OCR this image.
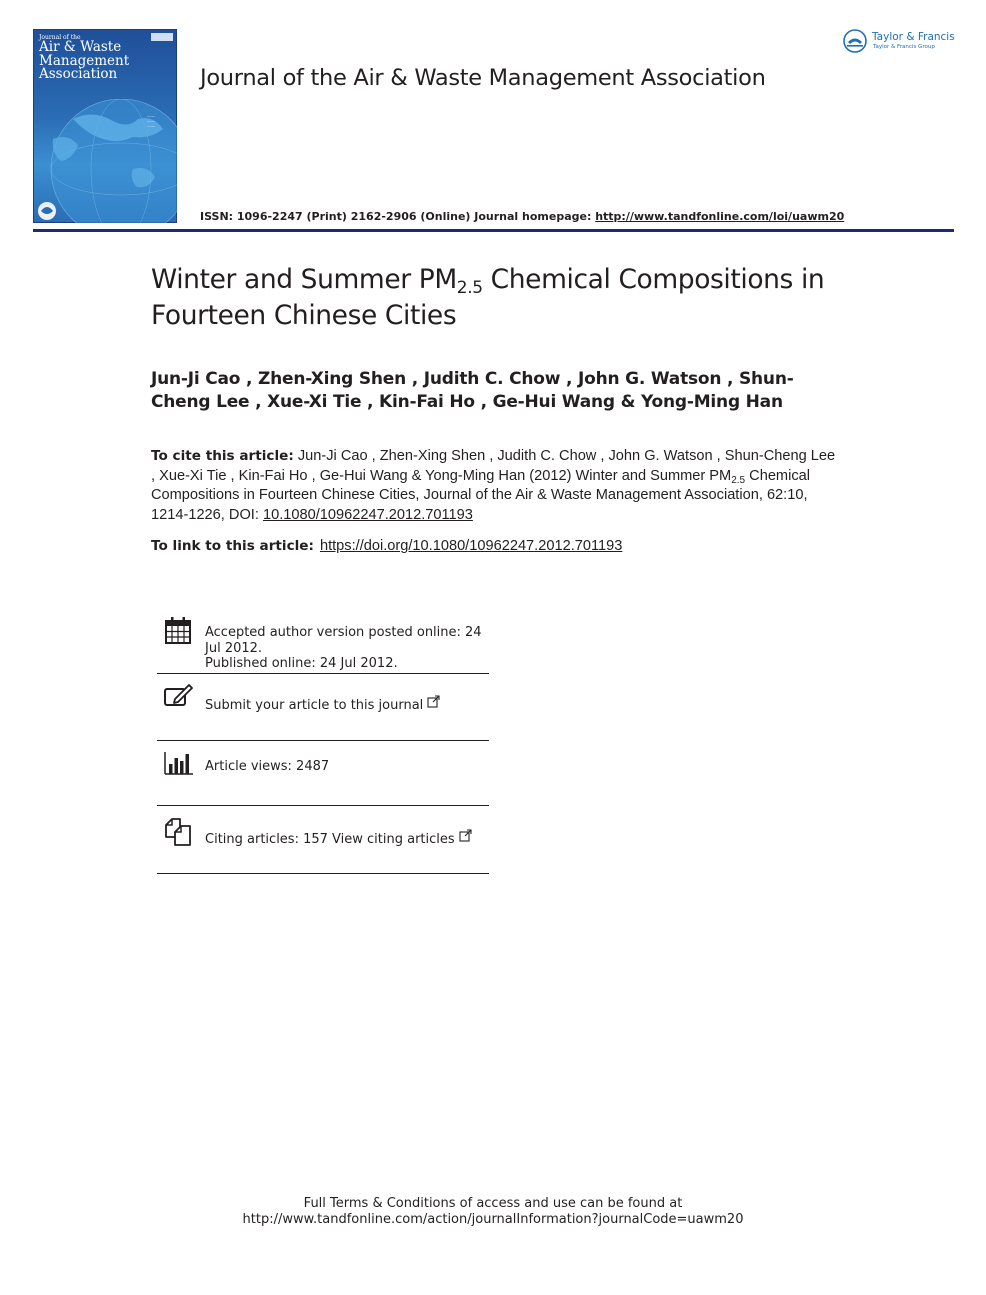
Journal of the
Air & Waste
Management
Association
——
——
——
Journal of the Air & Waste Management Association
Taylor & Francis
Taylor & Francis Group
ISSN: 1096-2247 (Print) 2162-2906 (Online) Journal homepage: http://www.tandfonline.com/loi/uawm20
Winter and Summer $PM_{2.5}$ Chemical Compositions in Fourteen Chinese Cities
Jun-Ji Cao , Zhen-Xing Shen , Judith C. Chow , John G. Watson , Shun-Cheng Lee , Xue-Xi Tie , Kin-Fai Ho , Ge-Hui Wang & Yong-Ming Han
To cite this article: Jun-Ji Cao , Zhen-Xing Shen , Judith C. Chow , John G. Watson , Shun-Cheng Lee , Xue-Xi Tie , Kin-Fai Ho , Ge-Hui Wang & Yong-Ming Han (2012) Winter and Summer $PM_{2.5}$ Chemical Compositions in Fourteen Chinese Cities, Journal of the Air & Waste Management Association, 62:10, 1214-1226, DOI: 10.1080/10962247.2012.701193
To link to this article: https://doi.org/10.1080/10962247.2012.701193
Accepted author version posted online: 24
Jul 2012.
Published online: 24 Jul 2012.
Submit your article to this journal
Article views: 2487
Citing articles: 157 View citing articles
Full Terms & Conditions of access and use can be found at
http://www.tandfonline.com/action/journalInformation?journalCode=uawm20
